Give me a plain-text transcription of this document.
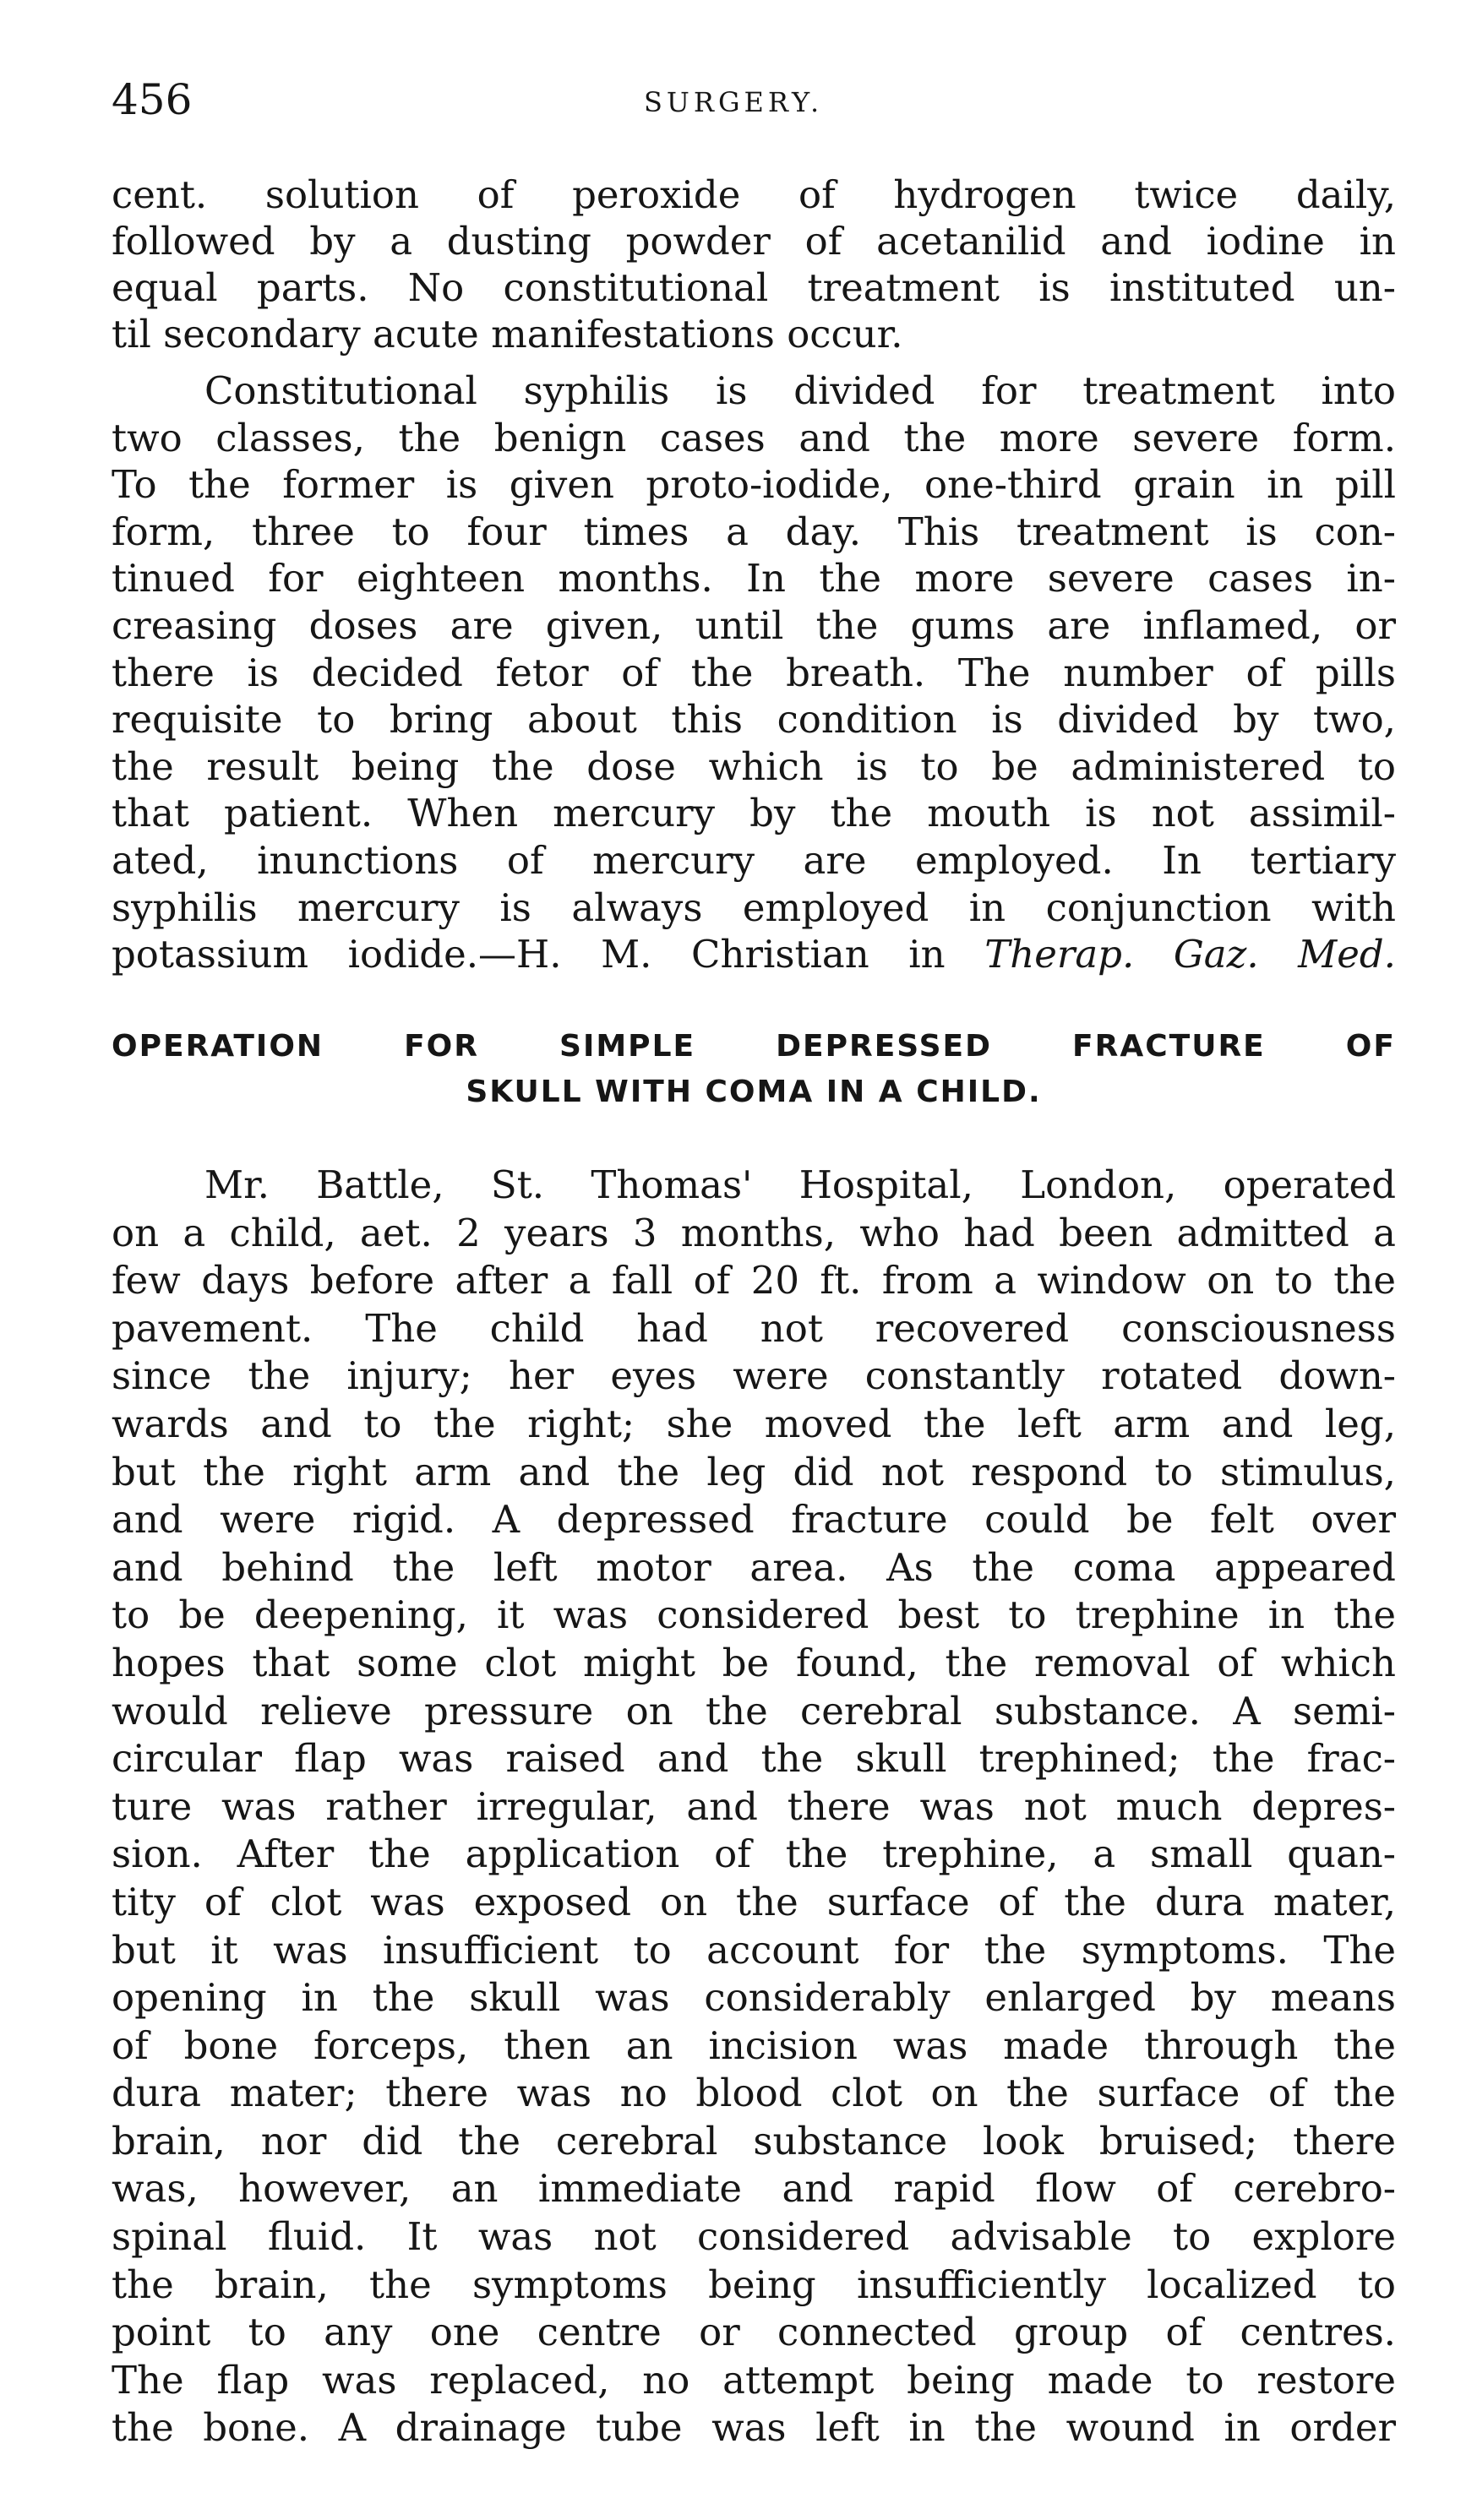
456	SURGERY.
cent. solution of peroxide of hydrogen twice daily,
followed by a dusting powder of acetanilid and iodine in
equal parts. No constitutional treatment is instituted un-
til secondary acute manifestations occur.
Constitutional syphilis is divided for treatment into
two classes, the benign cases and the more severe form.
To the former is given proto-iodide, one-third grain in pill
form, three to four times a day. This treatment is con-
tinued for eighteen months. In the more severe cases in-
creasing doses are given, until the gums are inflamed, or
there is decided fetor of the breath. The number of pills
requisite to bring about this condition is divided by two,
the result being the dose which is to be administered to
that patient. When mercury by the mouth is not assimil-
ated, inunctions of mercury are employed. In tertiary
syphilis mercury is always employed in conjunction with
potassium iodide.—H. M. Christian in Therap. Gaz. Med.
OPERATION FOR SIMPLE DEPRESSED FRACTURE OF
SKULL WITH COMA IN A CHILD.
Mr. Battle, St. Thomas' Hospital, London, operated
on a child, aet. 2 years 3 months, who had been admitted a
few days before after a fall of 20 ft. from a window on to the
pavement. The child had not recovered consciousness
since the injury; her eyes were constantly rotated down-
wards and to the right; she moved the left arm and leg,
but the right arm and the leg did not respond to stimulus,
and were rigid. A depressed fracture could be felt over
and behind the left motor area. As the coma appeared
to be deepening, it was considered best to trephine in the
hopes that some clot might be found, the removal of which
would relieve pressure on the cerebral substance. A semi-
circular flap was raised and the skull trephined; the frac-
ture was rather irregular, and there was not much depres-
sion. After the application of the trephine, a small quan-
tity of clot was exposed on the surface of the dura mater,
but it was insufficient to account for the symptoms. The
opening in the skull was considerably enlarged by means
of bone forceps, then an incision was made through the
dura mater; there was no blood clot on the surface of the
brain, nor did the cerebral substance look bruised; there
was, however, an immediate and rapid flow of cerebro-
spinal fluid. It was not considered advisable to explore
the brain, the symptoms being insufficiently localized to
point to any one centre or connected group of centres.
The flap was replaced, no attempt being made to restore
the bone. A drainage tube was left in the wound in order
